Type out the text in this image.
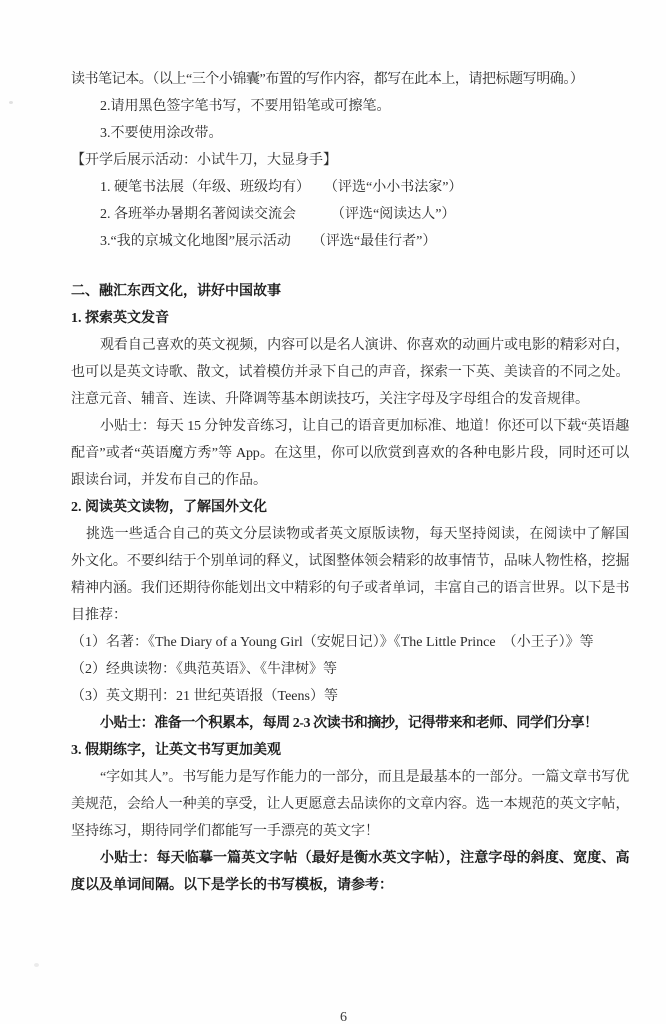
读书笔记本。（以上“三个小锦囊”布置的写作内容，都写在此本上，请把标题写明确。）
2.请用黑色签字笔书写，不要用铅笔或可擦笔。
3.不要使用涂改带。
【开学后展示活动：小试牛刀，大显身手】
1. 硬笔书法展（年级、班级均有）　　（评选“小小书法家”）
2. 各班举办暑期名著阅读交流会　　　（评选“阅读达人”）
3.“我的京城文化地图”展示活动　　（评选“最佳行者”）
二、融汇东西文化，讲好中国故事
1. 探索英文发音
观看自己喜欢的英文视频，内容可以是名人演讲、你喜欢的动画片或电影的精彩对白，
也可以是英文诗歌、散文，试着模仿并录下自己的声音，探索一下英、美读音的不同之处。
注意元音、辅音、连读、升降调等基本朗读技巧，关注字母及字母组合的发音规律。
小贴士：每天 15 分钟发音练习，让自己的语音更加标准、地道！你还可以下载“英语趣
配音”或者“英语魔方秀”等 App。在这里，你可以欣赏到喜欢的各种电影片段，同时还可以
跟读台词，并发布自己的作品。
2. 阅读英文读物，了解国外文化
挑选一些适合自己的英文分层读物或者英文原版读物，每天坚持阅读，在阅读中了解国
外文化。不要纠结于个别单词的释义，试图整体领会精彩的故事情节，品味人物性格，挖掘
精神内涵。我们还期待你能划出文中精彩的句子或者单词，丰富自己的语言世界。以下是书
目推荐：
（1）名著：《The Diary of a Young Girl（安妮日记）》《The Little Prince　（小王子）》等
（2）经典读物：《典范英语》、《牛津树》等
（3）英文期刊：21 世纪英语报（Teens）等
小贴士：准备一个积累本，每周 2-3 次读书和摘抄，记得带来和老师、同学们分享！
3. 假期练字，让英文书写更加美观
“字如其人”。书写能力是写作能力的一部分，而且是最基本的一部分。一篇文章书写优
美规范，会给人一种美的享受，让人更愿意去品读你的文章内容。选一本规范的英文字帖，
坚持练习，期待同学们都能写一手漂亮的英文字！
小贴士：每天临摹一篇英文字帖（最好是衡水英文字帖），注意字母的斜度、宽度、高
度以及单词间隔。以下是学长的书写模板，请参考：
6
